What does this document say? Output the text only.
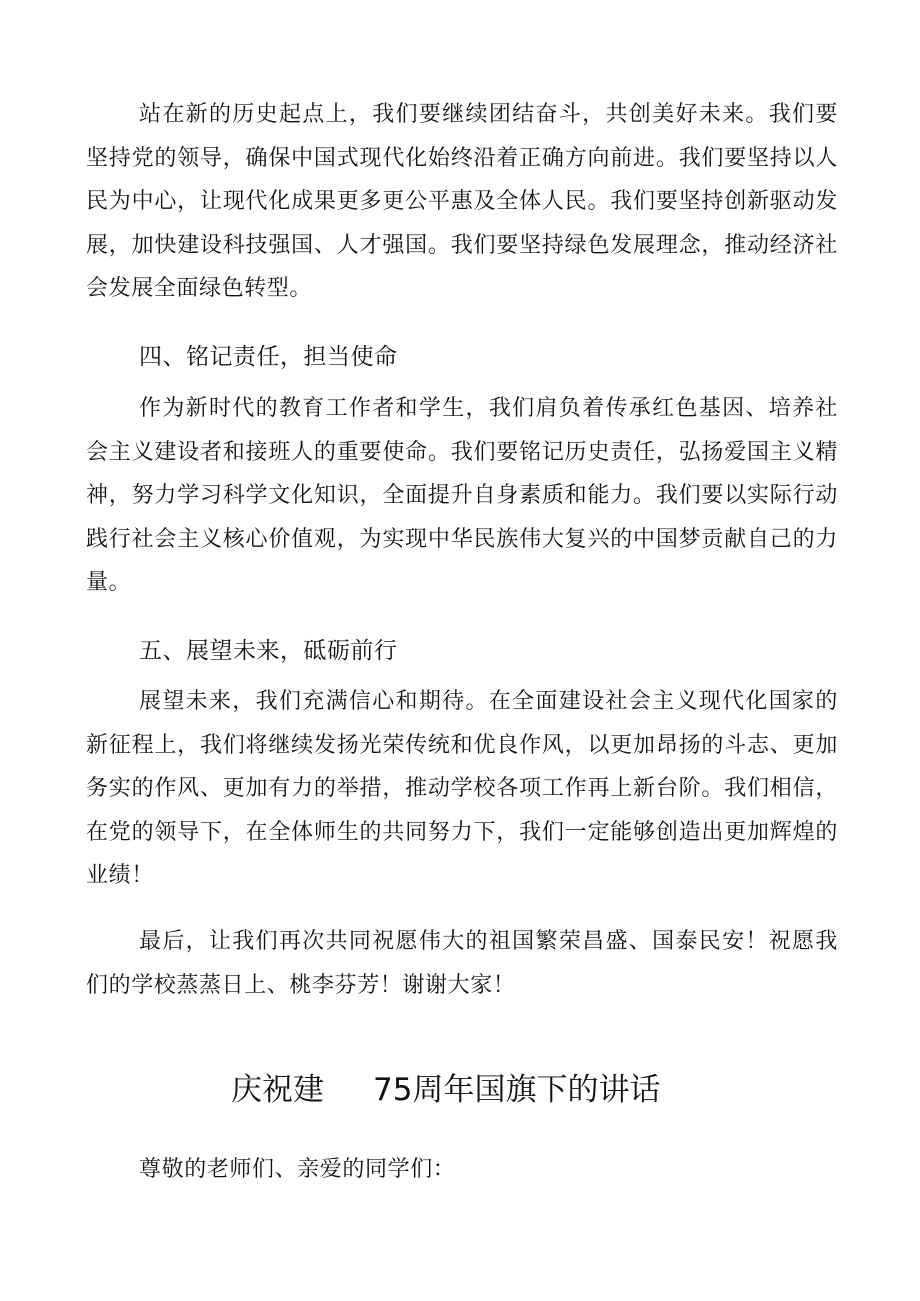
站在新的历史起点上，我们要继续团结奋斗，共创美好未来。我们要坚持党的领导，确保中国式现代化始终沿着正确方向前进。我们要坚持以人民为中心，让现代化成果更多更公平惠及全体人民。我们要坚持创新驱动发展，加快建设科技强国、人才强国。我们要坚持绿色发展理念，推动经济社会发展全面绿色转型。

四、铭记责任，担当使命

作为新时代的教育工作者和学生，我们肩负着传承红色基因、培养社会主义建设者和接班人的重要使命。我们要铭记历史责任，弘扬爱国主义精神，努力学习科学文化知识，全面提升自身素质和能力。我们要以实际行动践行社会主义核心价值观，为实现中华民族伟大复兴的中国梦贡献自己的力量。

五、展望未来，砥砺前行

展望未来，我们充满信心和期待。在全面建设社会主义现代化国家的新征程上，我们将继续发扬光荣传统和优良作风，以更加昂扬的斗志、更加务实的作风、更加有力的举措，推动学校各项工作再上新台阶。我们相信，在党的领导下，在全体师生的共同努力下，我们一定能够创造出更加辉煌的业绩！

最后，让我们再次共同祝愿伟大的祖国繁荣昌盛、国泰民安！祝愿我们的学校蒸蒸日上、桃李芬芳！谢谢大家！

庆祝建

75周年国旗下的讲话

尊敬的老师们、亲爱的同学们：
